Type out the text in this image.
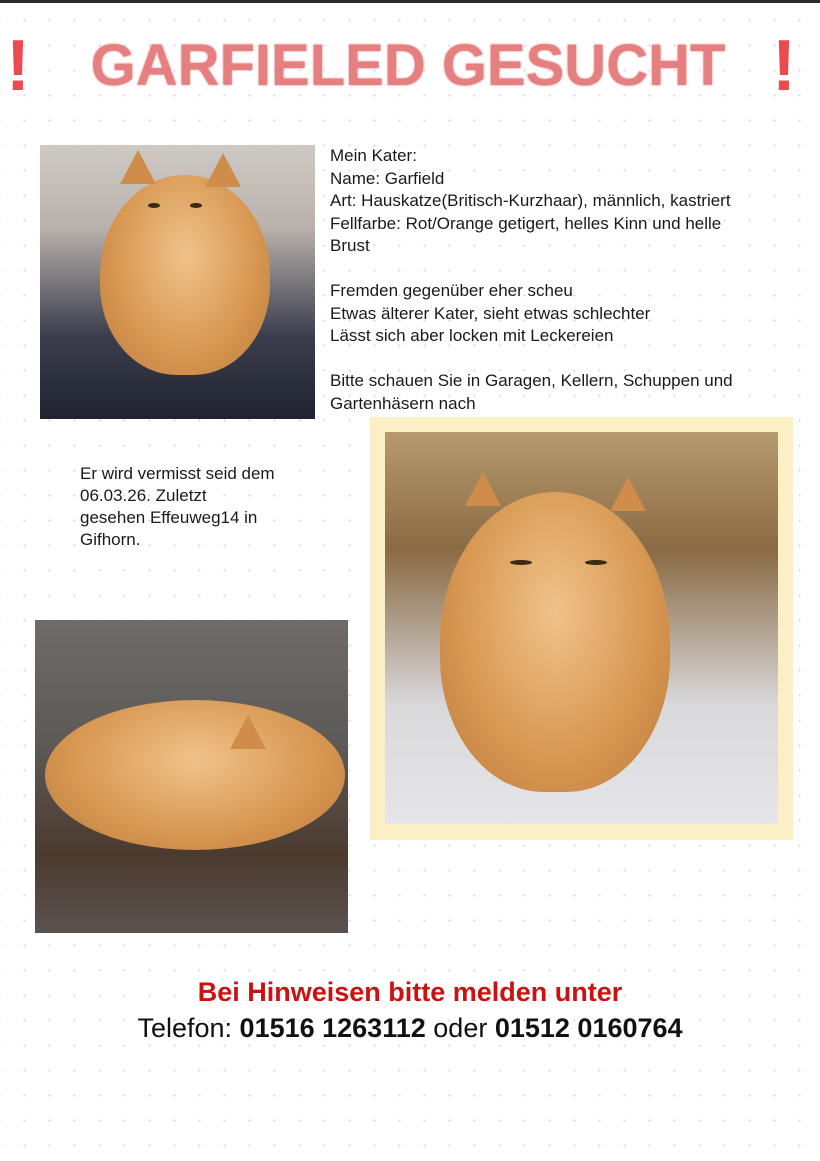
!	GARFIELED GESUCHT !
Mein Kater:
Name: Garfield
Art: Hauskatze(Britisch-Kurzhaar), männlich, kastriert
Fellfarbe: Rot/Orange getigert, helles Kinn und helle
Brust

Fremden gegenüber eher scheu
Etwas älterer Kater, sieht etwas schlechter
Lässt sich aber locken mit Leckereien

Bitte schauen Sie in Garagen, Kellern, Schuppen und
Gartenhäsern nach
Er wird vermisst seid dem
06.03.26. Zuletzt
gesehen Effeuweg14 in
Gifhorn.
Bei Hinweisen bitte melden unter
Telefon: 01516 1263112 oder 01512 0160764
